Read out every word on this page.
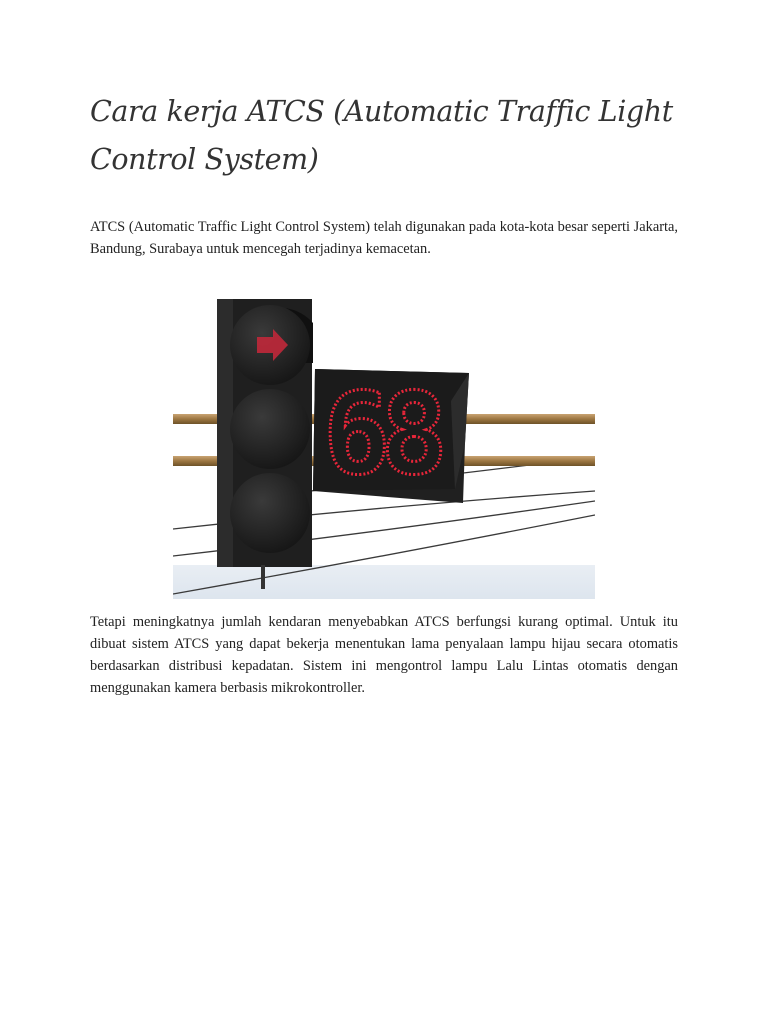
Cara kerja ATCS (Automatic Traffic Light Control System)

ATCS (Automatic Traffic Light Control System) telah digunakan pada kota-kota besar seperti Jakarta, Bandung, Surabaya untuk mencegah terjadinya kemacetan.

68

Tetapi meningkatnya jumlah kendaran menyebabkan ATCS berfungsi kurang optimal. Untuk itu dibuat sistem ATCS yang dapat bekerja menentukan lama penyalaan lampu hijau secara otomatis berdasarkan distribusi kepadatan. Sistem ini mengontrol lampu Lalu Lintas otomatis dengan menggunakan kamera berbasis mikrokontroller.
